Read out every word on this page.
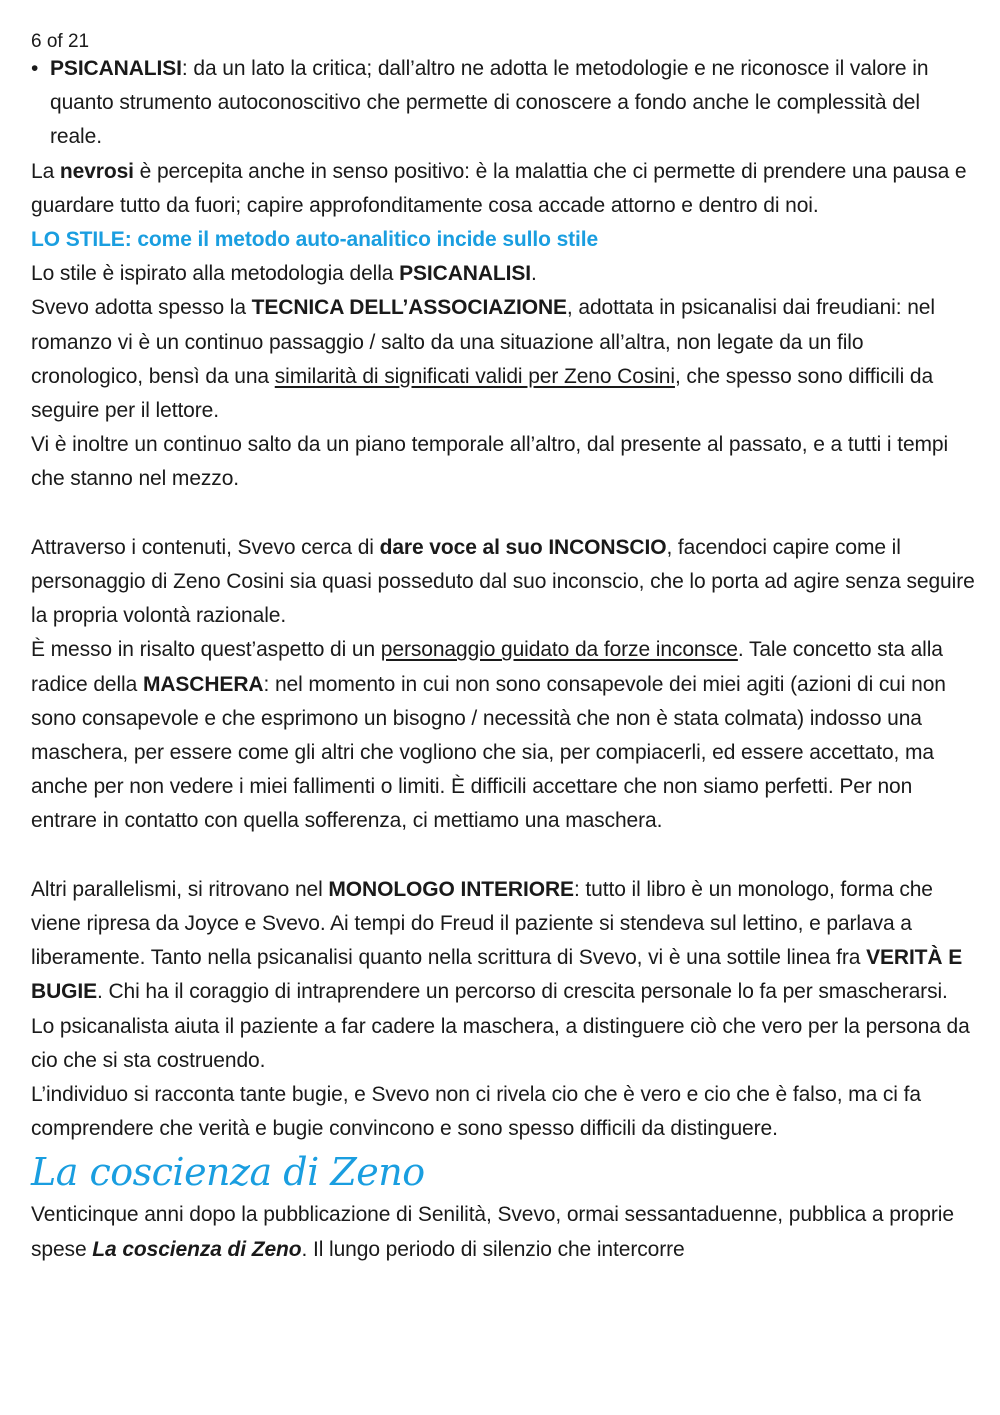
6 of 21

• PSICANALISI: da un lato la critica; dall’altro ne adotta le metodologie e ne riconosce il valore in quanto strumento autoconoscitivo che permette di conoscere a fondo anche le complessità del reale.

La nevrosi è percepita anche in senso positivo: è la malattia che ci permette di prendere una pausa e guardare tutto da fuori; capire approfonditamente cosa accade attorno e dentro di noi.

LO STILE: come il metodo auto-analitico incide sullo stile

Lo stile è ispirato alla metodologia della PSICANALISI.

Svevo adotta spesso la TECNICA DELL’ASSOCIAZIONE, adottata in psicanalisi dai freudiani: nel romanzo vi è un continuo passaggio / salto da una situazione all’altra, non legate da un filo cronologico, bensì da una similarità di significati validi per Zeno Cosini, che spesso sono difficili da seguire per il lettore.

Vi è inoltre un continuo salto da un piano temporale all’altro, dal presente al passato, e a tutti i tempi che stanno nel mezzo.

Attraverso i contenuti, Svevo cerca di dare voce al suo INCONSCIO, facendoci capire come il personaggio di Zeno Cosini sia quasi posseduto dal suo inconscio, che lo porta ad agire senza seguire la propria volontà razionale.

È messo in risalto quest’aspetto di un personaggio guidato da forze inconsce. Tale concetto sta alla radice della MASCHERA: nel momento in cui non sono consapevole dei miei agiti (azioni di cui non sono consapevole e che esprimono un bisogno / necessità che non è stata colmata) indosso una maschera, per essere come gli altri che vogliono che sia, per compiacerli, ed essere accettato, ma anche per non vedere i miei fallimenti o limiti. È difficili accettare che non siamo perfetti. Per non entrare in contatto con quella sofferenza, ci mettiamo una maschera.

Altri parallelismi, si ritrovano nel MONOLOGO INTERIORE: tutto il libro è un monologo, forma che viene ripresa da Joyce e Svevo. Ai tempi do Freud il paziente si stendeva sul lettino, e parlava a liberamente. Tanto nella psicanalisi quanto nella scrittura di Svevo, vi è una sottile linea fra VERITÀ E BUGIE. Chi ha il coraggio di intraprendere un percorso di crescita personale lo fa per smascherarsi. Lo psicanalista aiuta il paziente a far cadere la maschera, a distinguere ciò che vero per la persona da cio che si sta costruendo.

L’individuo si racconta tante bugie, e Svevo non ci rivela cio che è vero e cio che è falso, ma ci fa comprendere che verità e bugie convincono e sono spesso difficili da distinguere.

La coscienza di Zeno

Venticinque anni dopo la pubblicazione di Senilità, Svevo, ormai sessantaduenne, pubblica a proprie spese La coscienza di Zeno. Il lungo periodo di silenzio che intercorre
